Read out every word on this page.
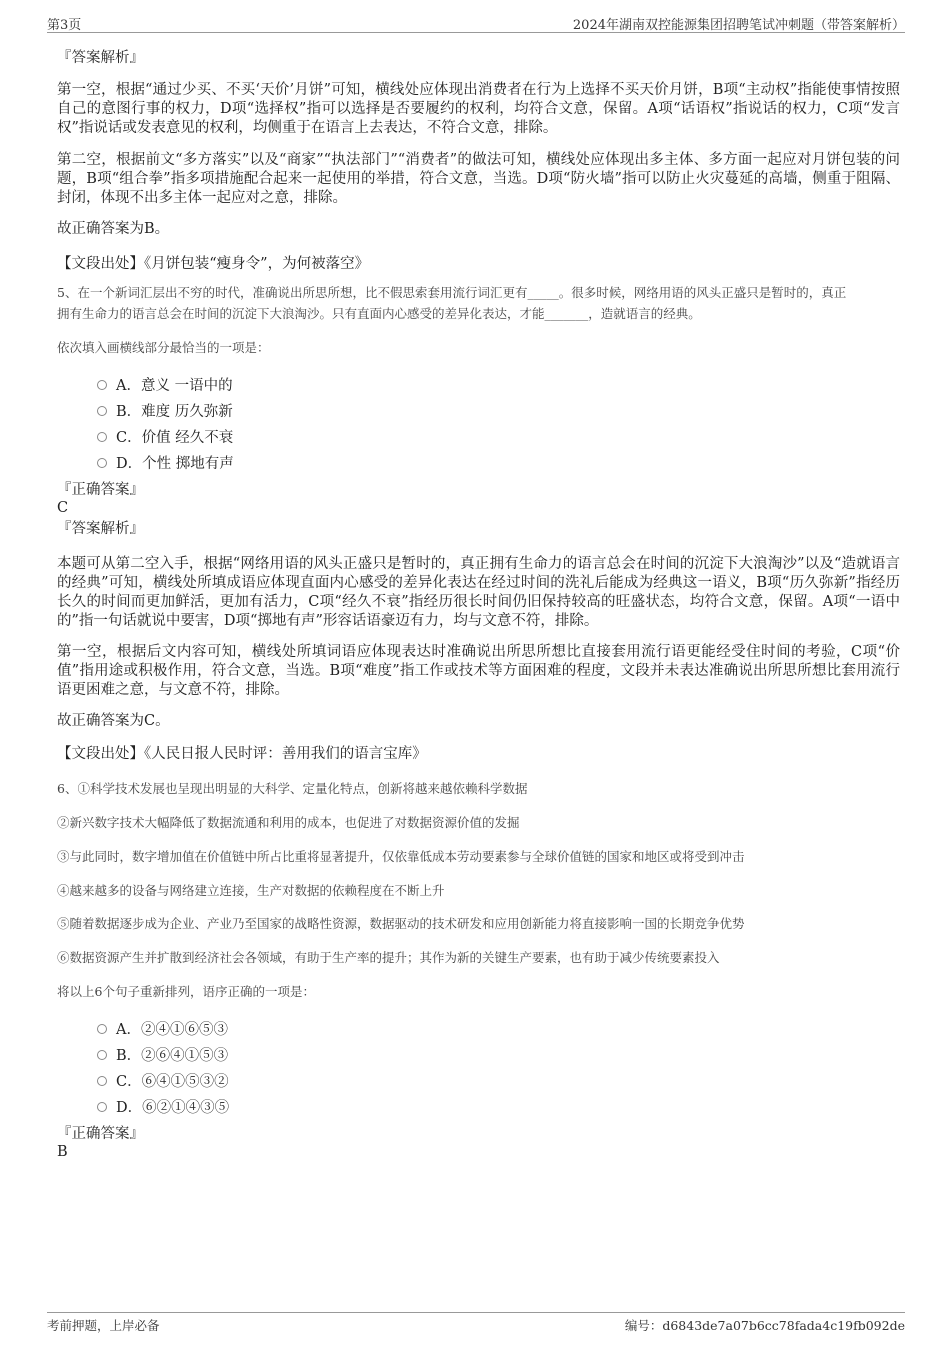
第3页	2024年湖南双控能源集团招聘笔试冲刺题（带答案解析）
『答案解析』
第一空，根据“通过少买、不买‘天价’月饼”可知，横线处应体现出消费者在行为上选择不买天价月饼，B项“主动权”指能使事情按照自己的意图行事的权力，D项“选择权”指可以选择是否要履约的权利，均符合文意，保留。A项“话语权”指说话的权力，C项“发言权”指说话或发表意见的权利，均侧重于在语言上去表达，不符合文意，排除。
第二空，根据前文“多方落实”以及“商家”“执法部门”“消费者”的做法可知，横线处应体现出多主体、多方面一起应对月饼包装的问题，B项“组合拳”指多项措施配合起来一起使用的举措，符合文意，当选。D项“防火墙”指可以防止火灾蔓延的高墙，侧重于阻隔、封闭，体现不出多主体一起应对之意，排除。
故正确答案为B。
【文段出处】《月饼包装“瘦身令”，为何被落空》
5、在一个新词汇层出不穷的时代，准确说出所思所想，比不假思索套用流行词汇更有_____。很多时候，网络用语的风头正盛只是暂时的，真正
拥有生命力的语言总会在时间的沉淀下大浪淘沙。只有直面内心感受的差异化表达，才能_______，造就语言的经典。
依次填入画横线部分最恰当的一项是：
A．意义 一语中的
B．难度 历久弥新
C．价值 经久不衰
D．个性 掷地有声
『正确答案』
C
『答案解析』
本题可从第二空入手，根据“网络用语的风头正盛只是暂时的，真正拥有生命力的语言总会在时间的沉淀下大浪淘沙”以及“造就语言的经典”可知，横线处所填成语应体现直面内心感受的差异化表达在经过时间的洗礼后能成为经典这一语义，B项“历久弥新”指经历长久的时间而更加鲜活，更加有活力，C项“经久不衰”指经历很长时间仍旧保持较高的旺盛状态，均符合文意，保留。A项“一语中的”指一句话就说中要害，D项“掷地有声”形容话语豪迈有力，均与文意不符，排除。
第一空，根据后文内容可知，横线处所填词语应体现表达时准确说出所思所想比直接套用流行语更能经受住时间的考验，C项“价值”指用途或积极作用，符合文意，当选。B项“难度”指工作或技术等方面困难的程度，文段并未表达准确说出所思所想比套用流行语更困难之意，与文意不符，排除。
故正确答案为C。
【文段出处】《人民日报人民时评：善用我们的语言宝库》
6、①科学技术发展也呈现出明显的大科学、定量化特点，创新将越来越依赖科学数据
②新兴数字技术大幅降低了数据流通和利用的成本，也促进了对数据资源价值的发掘
③与此同时，数字增加值在价值链中所占比重将显著提升，仅依靠低成本劳动要素参与全球价值链的国家和地区或将受到冲击
④越来越多的设备与网络建立连接，生产对数据的依赖程度在不断上升
⑤随着数据逐步成为企业、产业乃至国家的战略性资源，数据驱动的技术研发和应用创新能力将直接影响一国的长期竞争优势
⑥数据资源产生并扩散到经济社会各领域，有助于生产率的提升；其作为新的关键生产要素，也有助于减少传统要素投入
将以上6个句子重新排列，语序正确的一项是：
A．②④①⑥⑤③
B．②⑥④①⑤③
C．⑥④①⑤③②
D．⑥②①④③⑤
『正确答案』
B
考前押题，上岸必备	编号：d6843de7a07b6cc78fada4c19fb092de
